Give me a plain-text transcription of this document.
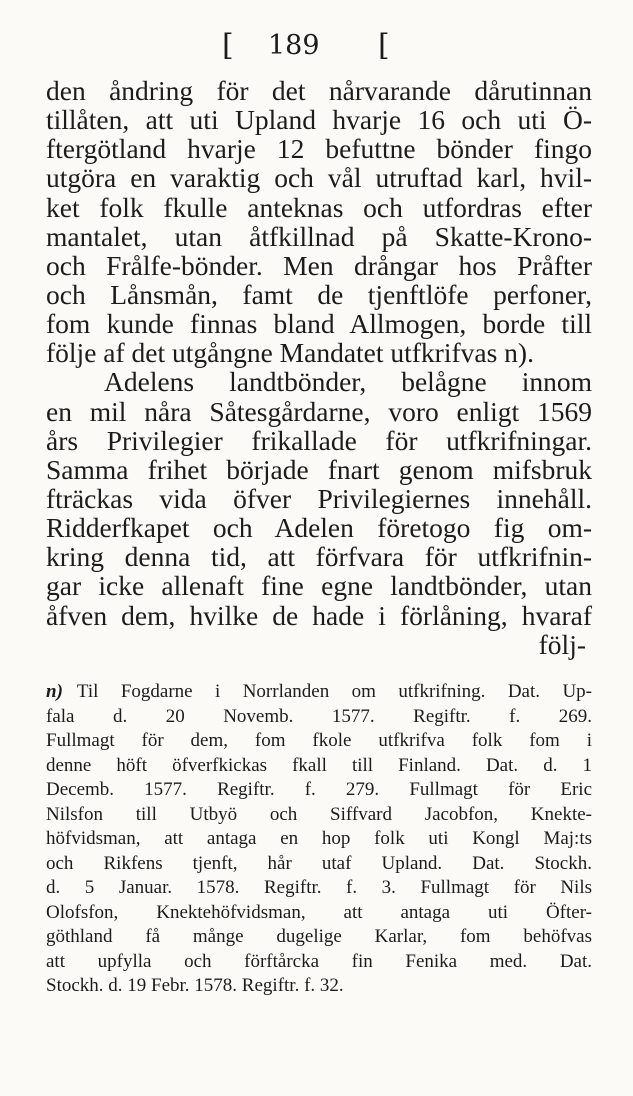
[ 189 [
den åndring för det nårvarande dårutinnan
tillåten, att uti Upland hvarje 16 och uti Ö-
ftergötland hvarje 12 befuttne bönder fingo
utgöra en varaktig och vål utruftad karl, hvil-
ket folk fkulle anteknas och utfordras efter
mantalet, utan åtfkillnad på Skatte-Krono-
och Frålfe-bönder. Men drångar hos Pråfter
och Lånsmån, famt de tjenftlöfe perfoner,
fom kunde finnas bland Allmogen, borde till
följe af det utgångne Mandatet utfkrifvas n).
Adelens landtbönder, belågne innom
en mil nåra Såtesgårdarne, voro enligt 1569
års Privilegier frikallade för utfkrifningar.
Samma frihet började fnart genom mifsbruk
fträckas vida öfver Privilegiernes innehåll.
Ridderfkapet och Adelen företogo fig om-
kring denna tid, att förfvara för utfkrifnin-
gar icke allenaft fine egne landtbönder, utan
åfven dem, hvilke de hade i förlåning, hvaraf
följ-
n) Til Fogdarne i Norrlanden om utfkrifning. Dat. Up-
fala d. 20 Novemb. 1577. Regiftr. f. 269.
Fullmagt för dem, fom fkole utfkrifva folk fom i
denne höft öfverfkickas fkall till Finland. Dat. d. 1
Decemb. 1577. Regiftr. f. 279. Fullmagt för Eric
Nilsfon till Utbyö och Siffvard Jacobfon, Knekte-
höfvidsman, att antaga en hop folk uti Kongl Maj:ts
och Rikfens tjenft, hår utaf Upland. Dat. Stockh.
d. 5 Januar. 1578. Regiftr. f. 3. Fullmagt för Nils
Olofsfon, Knektehöfvidsman, att antaga uti Öfter-
göthland få månge dugelige Karlar, fom behöfvas
att upfylla och förftårcka fin Fenika med. Dat.
Stockh. d. 19 Febr. 1578. Regiftr. f. 32.
